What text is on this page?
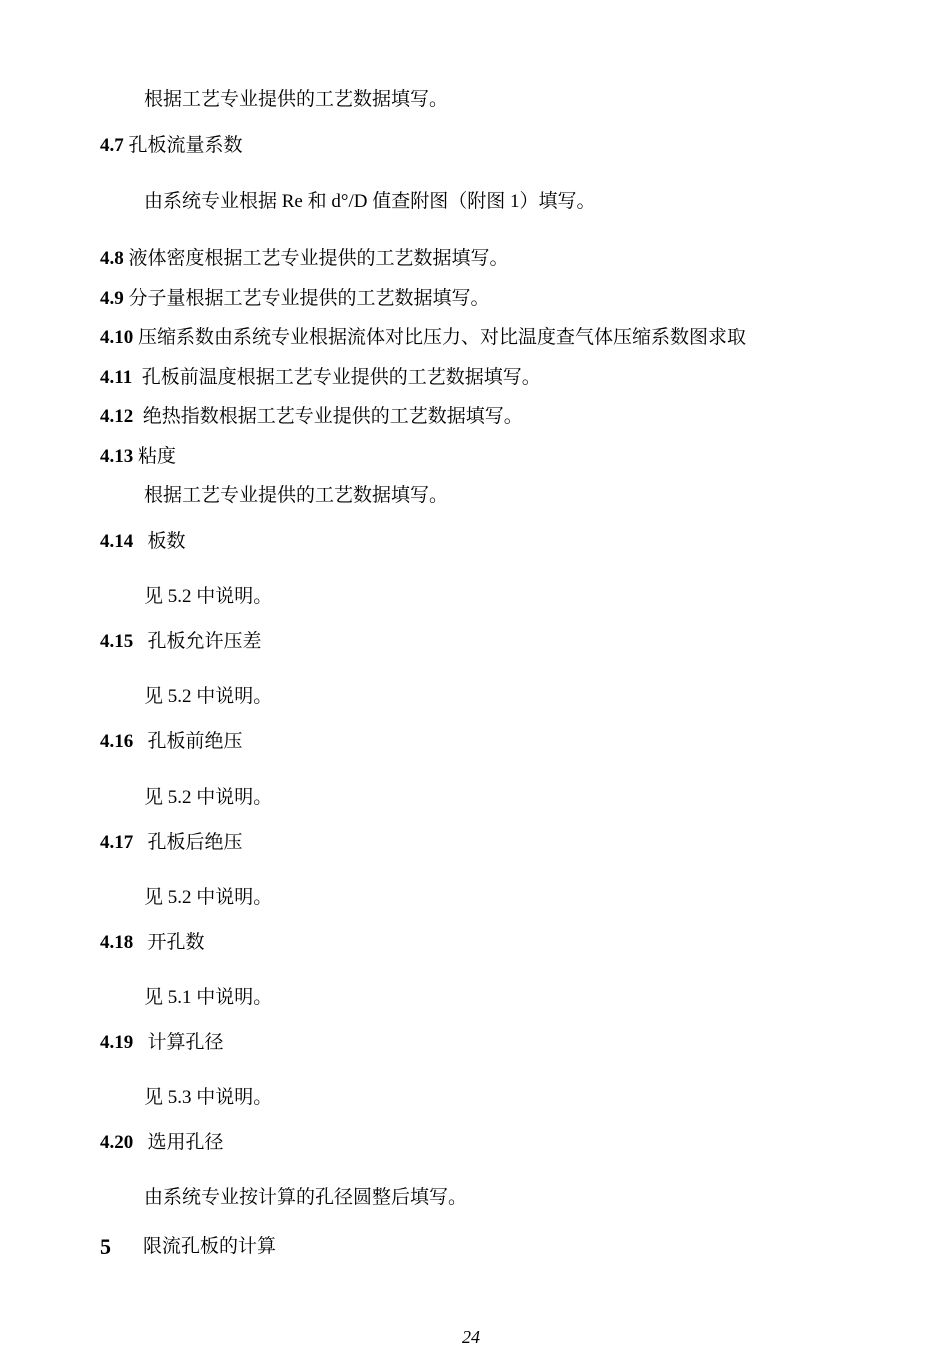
根据工艺专业提供的工艺数据填写。
4.7 孔板流量系数
由系统专业根据 Re 和 d°/D 值查附图（附图 1）填写。
4.8 液体密度根据工艺专业提供的工艺数据填写。
4.9 分子量根据工艺专业提供的工艺数据填写。
4.10 压缩系数由系统专业根据流体对比压力、对比温度查气体压缩系数图求取
4.11 孔板前温度根据工艺专业提供的工艺数据填写。
4.12 绝热指数根据工艺专业提供的工艺数据填写。
4.13 粘度
根据工艺专业提供的工艺数据填写。
4.14 板数
见 5.2 中说明。
4.15 孔板允许压差
见 5.2 中说明。
4.16 孔板前绝压
见 5.2 中说明。
4.17 孔板后绝压
见 5.2 中说明。
4.18 开孔数
见 5.1 中说明。
4.19 计算孔径
见 5.3 中说明。
4.20 选用孔径
由系统专业按计算的孔径圆整后填写。
5 限流孔板的计算
24
